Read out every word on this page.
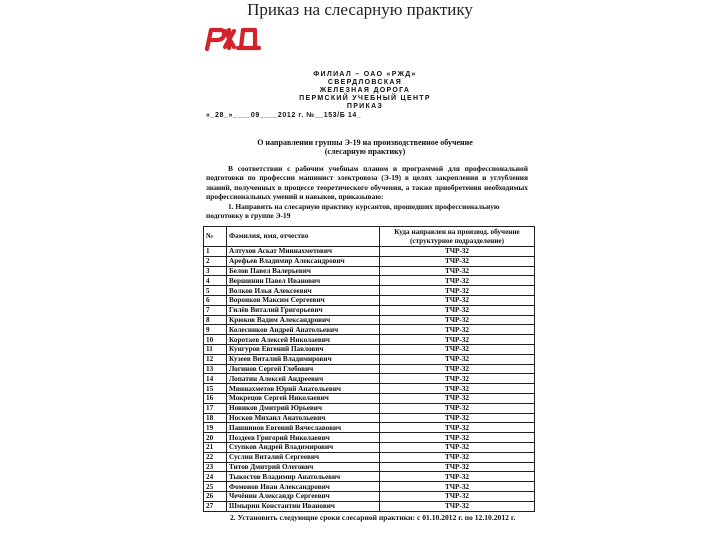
Приказ на слесарную практику
ФИЛИАЛ – ОАО «РЖД»
СВЕРДЛОВСКАЯ
ЖЕЛЕЗНАЯ ДОРОГА
ПЕРМСКИЙ УЧЕБНЫЙ ЦЕНТР
ПРИКАЗ
«_28_»____09____2012 г. №__153/Б 14_
О направлении группы Э-19 на производственное обучение
(слесарную практику)
В соответствии с рабочим учебным планом и программой для профессиональной подготовки по профессии машинист электровоза (Э-19) в целях закрепления и углубления знаний, полученных в процессе теоретического обучения, а также приобретения необходимых профессиональных умений и навыков, приказываю:
1. Направить на слесарную практику курсантов, прошедших профессиональную подготовку в группе Э-19
№	Фамилия, имя, отчество	Куда направлен на производ. обучение (структурное подразделение)
1	Алтухов Аскат Миннахметович	ТЧР-32
2	Арефьев Владимир Александрович	ТЧР-32
3	Белов Павел Валерьевич	ТЧР-32
4	Вершинин Павел Иванович	ТЧР-32
5	Волков Илья Алексеевич	ТЧР-32
6	Воронков Максим Сергеевич	ТЧР-32
7	Гилёв Виталий Григорьевич	ТЧР-32
8	Крюков Вадим Александрович	ТЧР-32
9	Колесников Андрей Анатольевич	ТЧР-32
10	Коротаев Алексей Николаевич	ТЧР-32
11	Кунгуров Евгений Павлович	ТЧР-32
12	Кузеев Виталий Владимирович	ТЧР-32
13	Логинов Сергей Глебович	ТЧР-32
14	Лопатин Алексей Андреевич	ТЧР-32
15	Миннахметов Юрий Анатольевич	ТЧР-32
16	Мокрецов Сергей Николаевич	ТЧР-32
17	Новиков Дмитрий Юрьевич	ТЧР-32
18	Носков Михаил Анатольевич	ТЧР-32
19	Пашнинов Евгений Вячеславович	ТЧР-32
20	Поздеев Григорий Николаевич	ТЧР-32
21	Ступков Андрей Владимирович	ТЧР-32
22	Суслин Виталий Сергеевич	ТЧР-32
23	Титов Дмитрий Олегович	ТЧР-32
24	Тыкостов Владимир Анатольевич	ТЧР-32
25	Фомонов Иван Александрович	ТЧР-32
26	Чечёнин Александр Сергеевич	ТЧР-32
27	Шмырин Константин Иванович	ТЧР-32
2. Установить следующие сроки слесарной практики: с 01.10.2012 г. по 12.10.2012 г.
